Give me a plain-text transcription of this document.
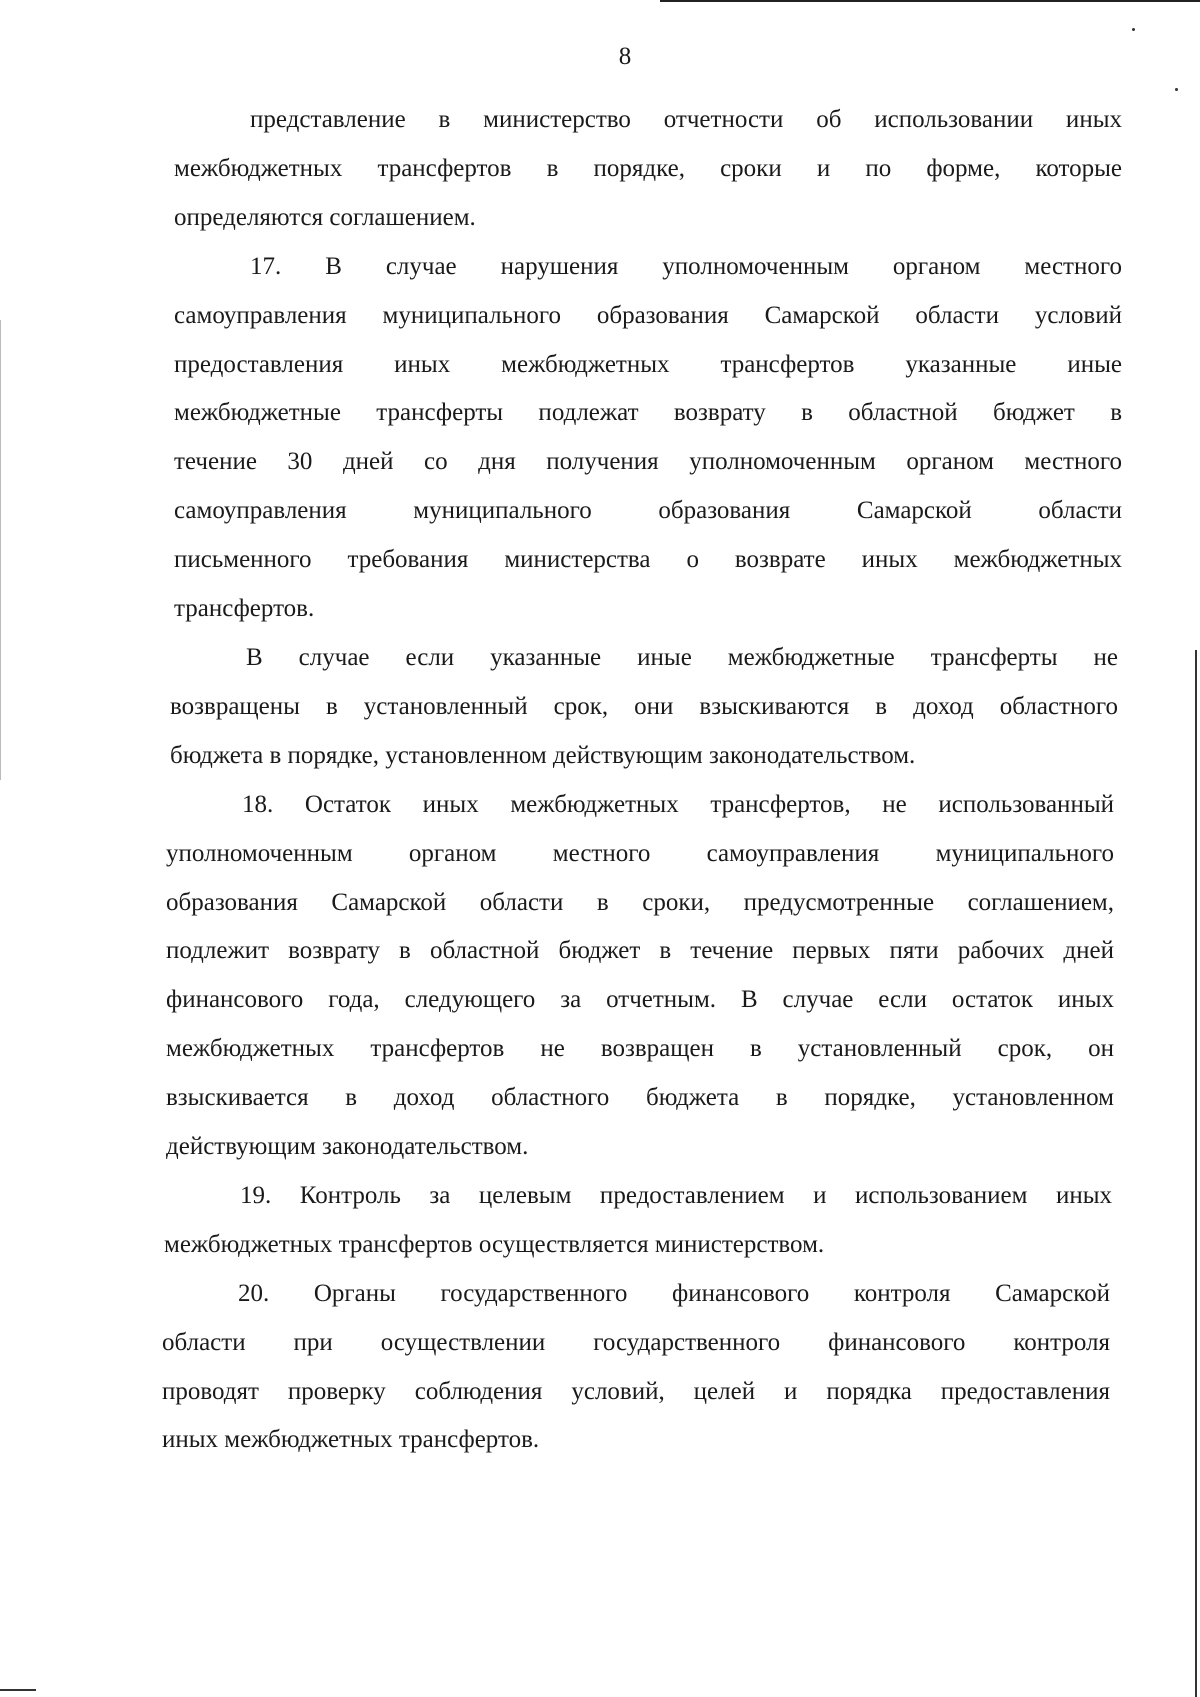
8
представление в министерство отчетности об использовании иных
межбюджетных трансфертов в порядке, сроки и по форме, которые
определяются соглашением.
17. В случае нарушения уполномоченным органом местного
самоуправления муниципального образования Самарской области условий
предоставления иных межбюджетных трансфертов указанные иные
межбюджетные трансферты подлежат возврату в областной бюджет в
течение 30 дней со дня получения уполномоченным органом местного
самоуправления муниципального образования Самарской области
письменного требования министерства о возврате иных межбюджетных
трансфертов.
В случае если указанные иные межбюджетные трансферты не
возвращены в установленный срок, они взыскиваются в доход областного
бюджета в порядке, установленном действующим законодательством.
18. Остаток иных межбюджетных трансфертов, не использованный
уполномоченным органом местного самоуправления муниципального
образования Самарской области в сроки, предусмотренные соглашением,
подлежит возврату в областной бюджет в течение первых пяти рабочих дней
финансового года, следующего за отчетным. В случае если остаток иных
межбюджетных трансфертов не возвращен в установленный срок, он
взыскивается в доход областного бюджета в порядке, установленном
действующим законодательством.
19. Контроль за целевым предоставлением и использованием иных
межбюджетных трансфертов осуществляется министерством.
20. Органы государственного финансового контроля Самарской
области при осуществлении государственного финансового контроля
проводят проверку соблюдения условий, целей и порядка предоставления
иных межбюджетных трансфертов.
